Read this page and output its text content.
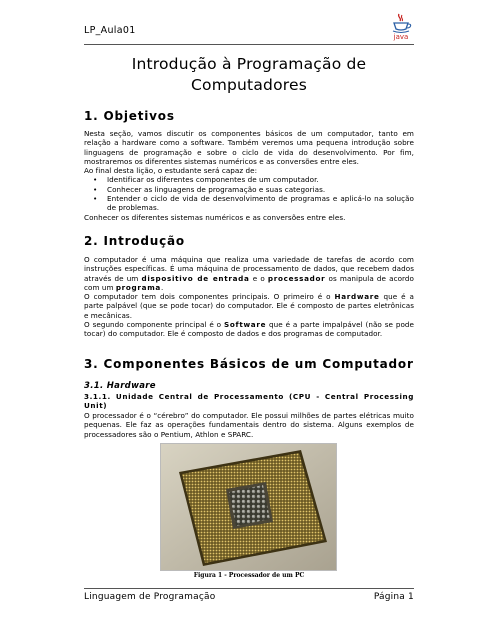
LP_Aula01
java
Introdução à Programação de Computadores
1. Objetivos

Nesta seção, vamos discutir os componentes básicos de um computador, tanto em relação a hardware como a software. Também veremos uma pequena introdução sobre linguagens de programação e sobre o ciclo de vida do desenvolvimento. Por fim, mostraremos os diferentes sistemas numéricos e as conversões entre eles.

Ao final desta lição, o estudante será capaz de:

• Identificar os diferentes componentes de um computador.
• Conhecer as linguagens de programação e suas categorias.
• Entender o ciclo de vida de desenvolvimento de programas e aplicá-lo na solução de problemas.

Conhecer os diferentes sistemas numéricos e as conversões entre eles.

2. Introdução

O computador é uma máquina que realiza uma variedade de tarefas de acordo com instruções específicas. É uma máquina de processamento de dados, que recebem dados através de um dispositivo de entrada e o processador os manipula de acordo com um programa.

O computador tem dois componentes principais. O primeiro é o Hardware que é a parte palpável (que se pode tocar) do computador. Ele é composto de partes eletrônicas e mecânicas.

O segundo componente principal é o Software que é a parte impalpável (não se pode tocar) do computador. Ele é composto de dados e dos programas de computador.

3. Componentes Básicos de um Computador
3.1. Hardware
3.1.1. Unidade Central de Processamento (CPU - Central Processing Unit)

O processador é o “cérebro” do computador. Ele possui milhões de partes elétricas muito pequenas. Ele faz as operações fundamentais dentro do sistema. Alguns exemplos de processadores são o Pentium, Athlon e SPARC.

Figura 1 - Processador de um PC
Linguagem de Programação	Página 1
